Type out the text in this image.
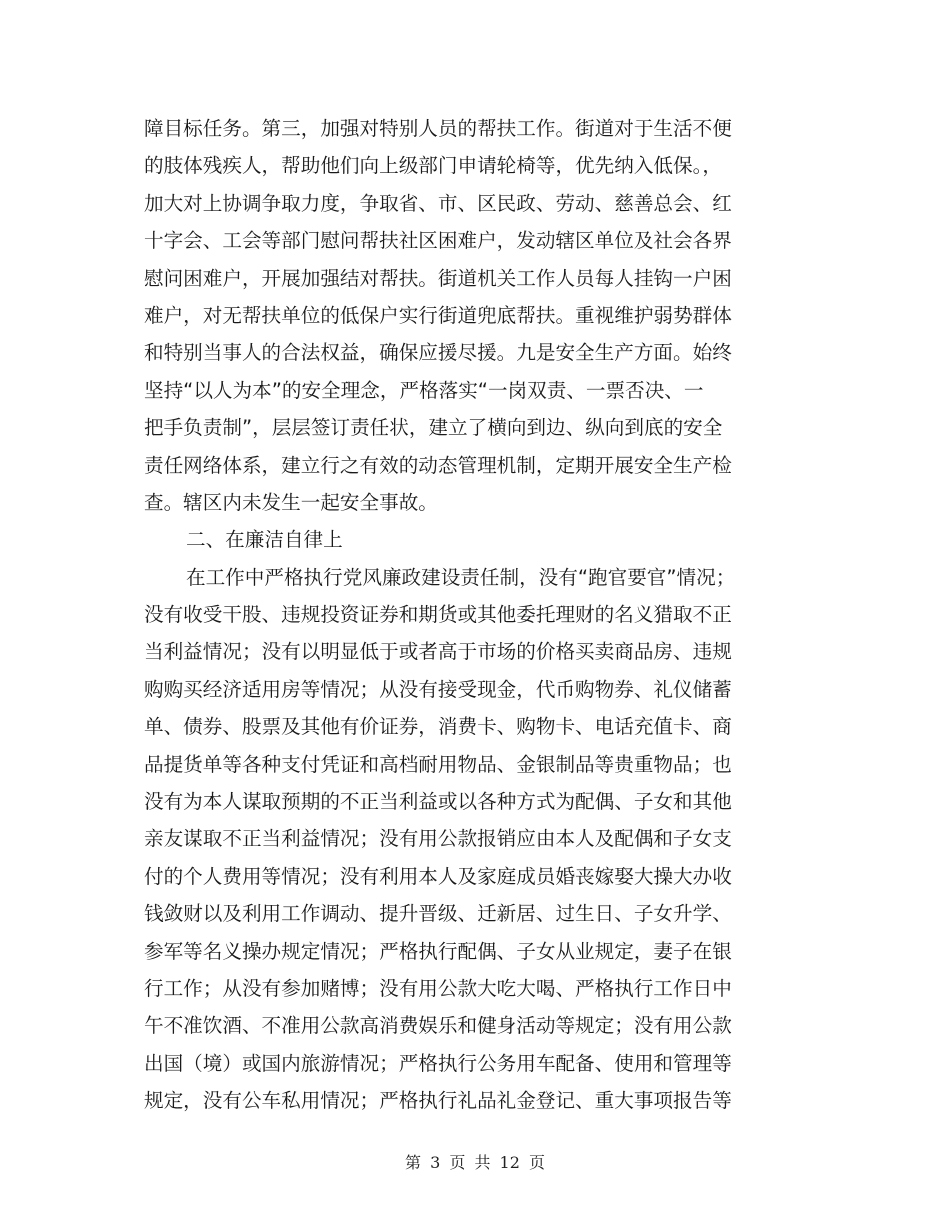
障目标任务。第三，加强对特别人员的帮扶工作。街道对于生活不便
的肢体残疾人，帮助他们向上级部门申请轮椅等，优先纳入低保。，
加大对上协调争取力度，争取省、市、区民政、劳动、慈善总会、红
十字会、工会等部门慰问帮扶社区困难户，发动辖区单位及社会各界
慰问困难户，开展加强结对帮扶。街道机关工作人员每人挂钩一户困
难户，对无帮扶单位的低保户实行街道兜底帮扶。重视维护弱势群体
和特别当事人的合法权益，确保应援尽援。九是安全生产方面。始终
坚持“以人为本”的安全理念，严格落实“一岗双责、一票否决、一
把手负责制”，层层签订责任状，建立了横向到边、纵向到底的安全
责任网络体系，建立行之有效的动态管理机制，定期开展安全生产检
查。辖区内未发生一起安全事故。
二、在廉洁自律上
在工作中严格执行党风廉政建设责任制，没有“跑官要官”情况；
没有收受干股、违规投资证券和期货或其他委托理财的名义猎取不正
当利益情况；没有以明显低于或者高于市场的价格买卖商品房、违规
购购买经济适用房等情况；从没有接受现金，代币购物券、礼仪储蓄
单、债券、股票及其他有价证券，消费卡、购物卡、电话充值卡、商
品提货单等各种支付凭证和高档耐用物品、金银制品等贵重物品；也
没有为本人谋取预期的不正当利益或以各种方式为配偶、子女和其他
亲友谋取不正当利益情况；没有用公款报销应由本人及配偶和子女支
付的个人费用等情况；没有利用本人及家庭成员婚丧嫁娶大操大办收
钱敛财以及利用工作调动、提升晋级、迁新居、过生日、子女升学、
参军等名义操办规定情况；严格执行配偶、子女从业规定，妻子在银
行工作；从没有参加赌博；没有用公款大吃大喝、严格执行工作日中
午不准饮酒、不准用公款高消费娱乐和健身活动等规定；没有用公款
出国（境）或国内旅游情况；严格执行公务用车配备、使用和管理等
规定，没有公车私用情况；严格执行礼品礼金登记、重大事项报告等
第 3 页 共 12 页
